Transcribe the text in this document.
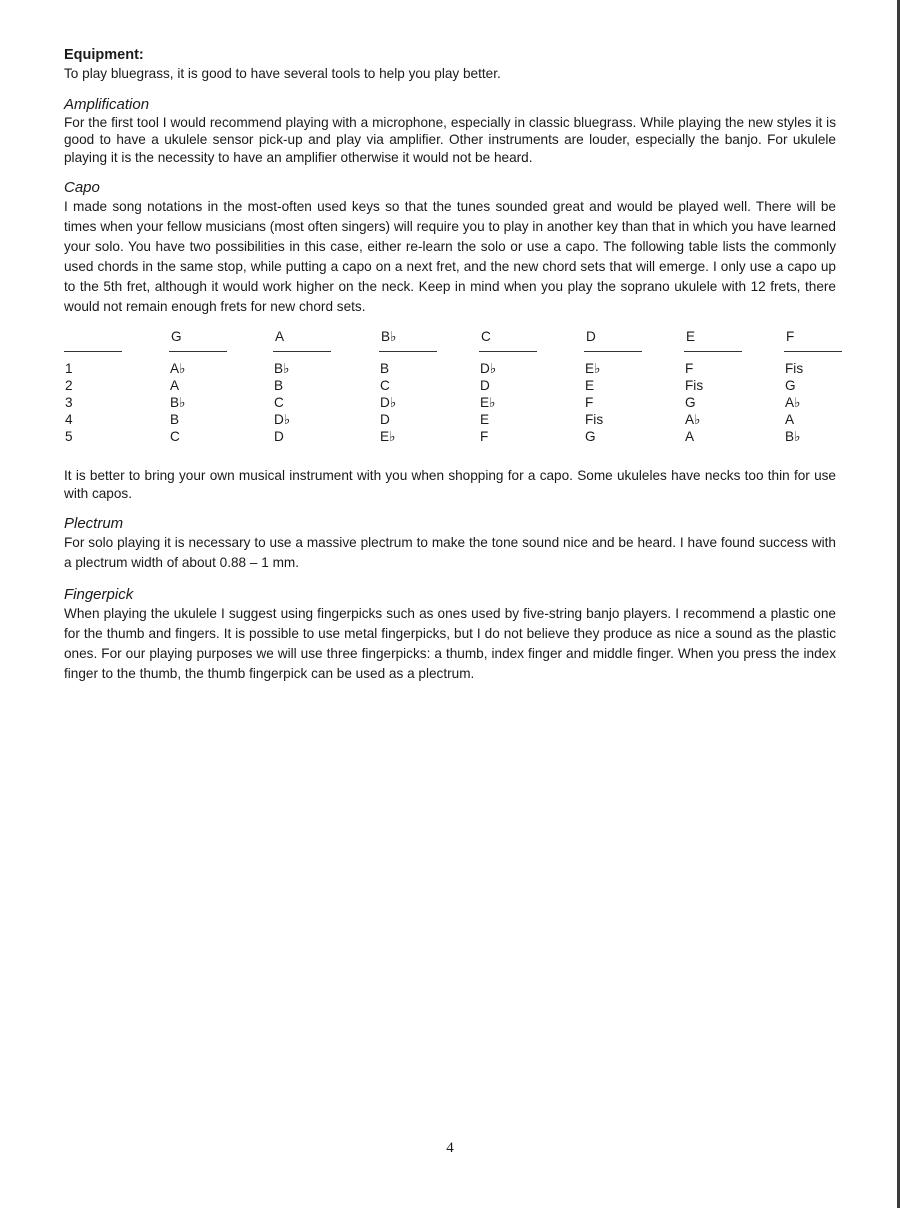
Equipment:

To play bluegrass, it is good to have several tools to help you play better.

Amplification

For the first tool I would recommend playing with a microphone, especially in classic bluegrass. While playing the new styles it is good to have a ukulele sensor pick-up and play via amplifier. Other instruments are louder, especially the banjo. For ukulele playing it is the necessity to have an amplifier otherwise it would not be heard.

Capo

I made song notations in the most-often used keys so that the tunes sounded great and would be played well. There will be times when your fellow musicians (most often singers) will require you to play in another key than that in which you have learned your solo. You have two possibilities in this case, either re-learn the solo or use a capo. The following table lists the commonly used chords in the same stop, while putting a capo on a next fret, and the new chord sets that will emerge. I only use a capo up to the 5th fret, although it would work higher on the neck. Keep in mind when you play the soprano ukulele with 12 frets, there would not remain enough frets for new chord sets.

1
2
3
4
5
G
A♭
A
B♭
B
C
A
B♭
B
C
D♭
D
B♭
B
C
D♭
D
E♭
C
D♭
D
E♭
E
F
D
E♭
E
F
Fis
G
E
F
Fis
G
A♭
A
F
Fis
G
A♭
A
B♭

It is better to bring your own musical instrument with you when shopping for a capo. Some ukuleles have necks too thin for use with capos.

Plectrum

For solo playing it is necessary to use a massive plectrum to make the tone sound nice and be heard. I have found success with a plectrum width of about 0.88 – 1 mm.

Fingerpick

When playing the ukulele I suggest using fingerpicks such as ones used by five-string banjo players. I recommend a plastic one for the thumb and fingers. It is possible to use metal fingerpicks, but I do not believe they produce as nice a sound as the plastic ones. For our playing purposes we will use three fingerpicks: a thumb, index finger and middle finger. When you press the index finger to the thumb, the thumb fingerpick can be used as a plectrum.

4
